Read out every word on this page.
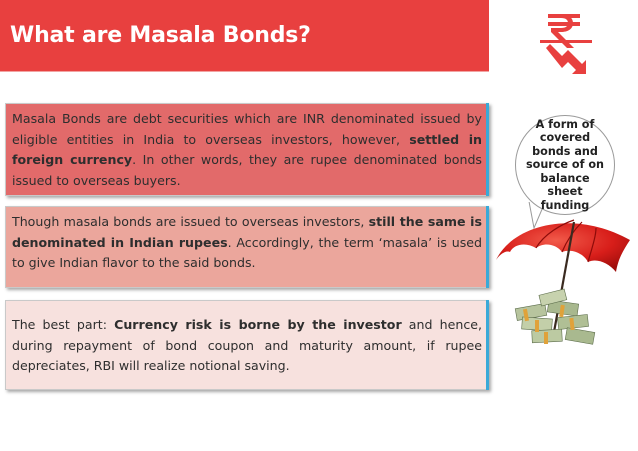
What are Masala Bonds?

Masala Bonds are debt securities which are INR denominated issued by eligible entities in India to overseas investors, however, settled in foreign currency. In other words, they are rupee denominated bonds issued to overseas buyers.

Though masala bonds are issued to overseas investors, still the same is denominated in Indian rupees. Accordingly, the term ‘masala’ is used to give Indian flavor to the said bonds.

The best part: Currency risk is borne by the investor and hence, during repayment of bond coupon and maturity amount, if rupee depreciates, RBI will realize notional saving.

A form of covered bonds and source of on balance sheet funding
